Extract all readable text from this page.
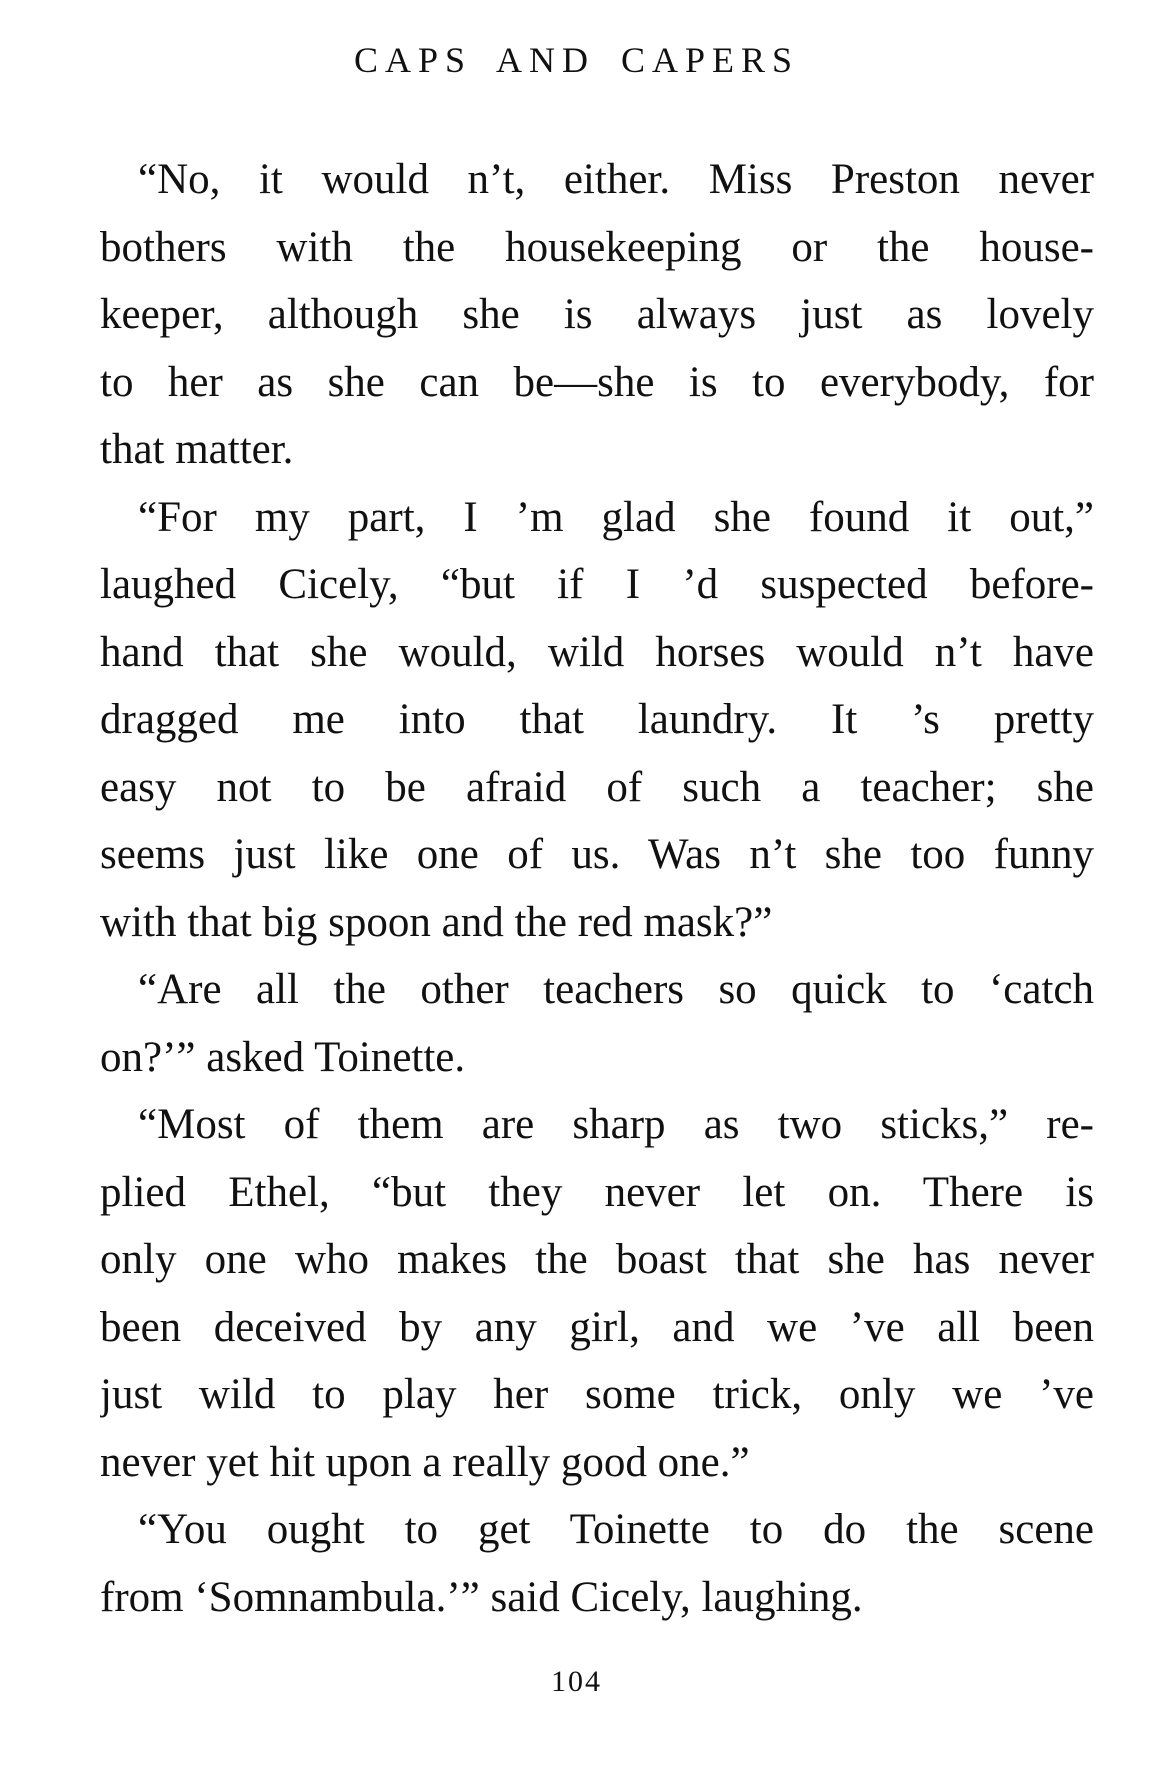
CAPS AND CAPERS
“No, it would n’t, either. Miss Preston never
bothers with the housekeeping or the house-
keeper, although she is always just as lovely
to her as she can be—she is to everybody, for
that matter.
“For my part, I ’m glad she found it out,”
laughed Cicely, “but if I ’d suspected before-
hand that she would, wild horses would n’t have
dragged me into that laundry. It ’s pretty
easy not to be afraid of such a teacher; she
seems just like one of us. Was n’t she too funny
with that big spoon and the red mask?”
“Are all the other teachers so quick to ‘catch
on?’” asked Toinette.
“Most of them are sharp as two sticks,” re-
plied Ethel, “but they never let on. There is
only one who makes the boast that she has never
been deceived by any girl, and we ’ve all been
just wild to play her some trick, only we ’ve
never yet hit upon a really good one.”
“You ought to get Toinette to do the scene
from ‘Somnambula.’” said Cicely, laughing.
104
